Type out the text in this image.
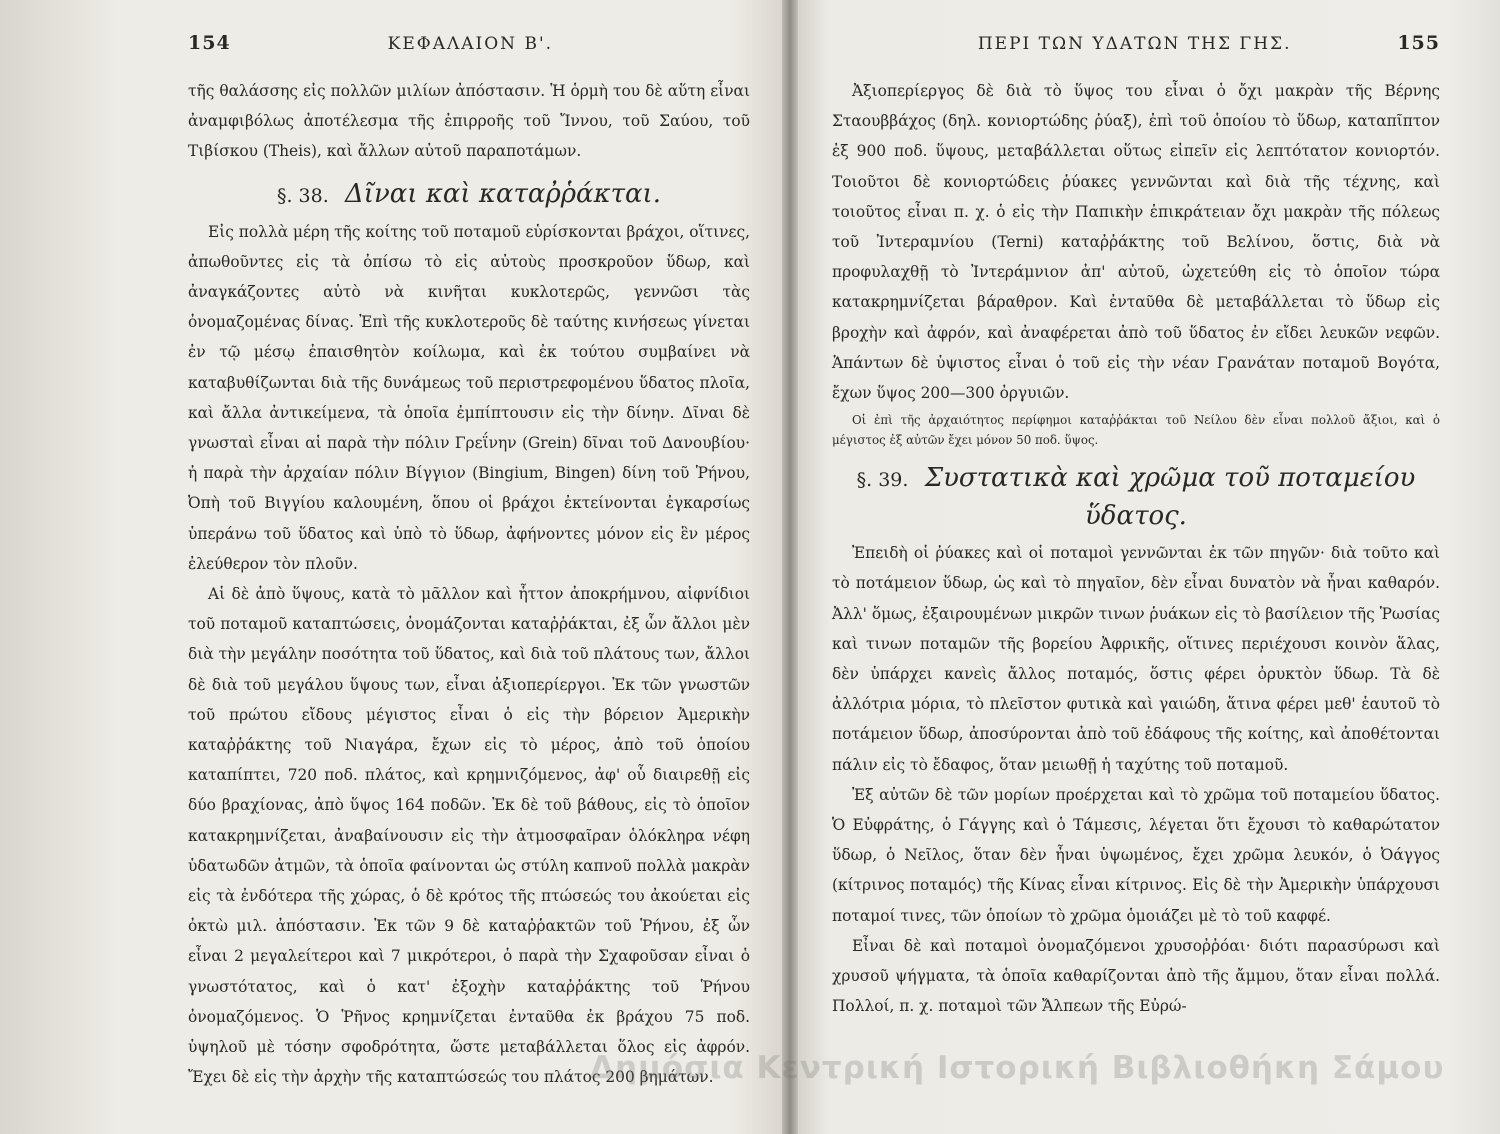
154	ΚΕΦΑΛΑΙΟΝ Β'.

τῆς θαλάσσης εἰς πολλῶν μιλίων ἀπόστασιν. Ἡ ὁρμὴ του δὲ αὕτη εἶναι ἀναμφιβόλως ἀποτέλεσμα τῆς ἐπιρροῆς τοῦ Ἴννου, τοῦ Σαύου, τοῦ Τιβίσκου (Theis), καὶ ἄλλων αὐτοῦ παραποτάμων.

§. 38. Δῖναι καὶ καταῤῥάκται.

Εἰς πολλὰ μέρη τῆς κοίτης τοῦ ποταμοῦ εὑρίσκονται βράχοι, οἵτινες, ἀπωθοῦντες εἰς τὰ ὀπίσω τὸ εἰς αὐτοὺς προσκροῦον ὕδωρ, καὶ ἀναγκάζοντες αὐτὸ νὰ κινῆται κυκλοτερῶς, γεννῶσι τὰς ὀνομαζομένας δίνας. Ἐπὶ τῆς κυκλοτεροῦς δὲ ταύτης κινήσεως γίνεται ἐν τῷ μέσῳ ἐπαισθητὸν κοίλωμα, καὶ ἐκ τούτου συμβαίνει νὰ καταβυθίζωνται διὰ τῆς δυνάμεως τοῦ περιστρεφομένου ὕδατος πλοῖα, καὶ ἄλλα ἀντικείμενα, τὰ ὁποῖα ἐμπίπτουσιν εἰς τὴν δίνην. Δῖναι δὲ γνωσταὶ εἶναι αἱ παρὰ τὴν πόλιν Γρεΐνην (Grein) δῖναι τοῦ Δανουβίου· ἡ παρὰ τὴν ἀρχαίαν πόλιν Βίγγιον (Bingium, Bingen) δίνη τοῦ Ῥήνου, Ὀπὴ τοῦ Βιγγίου καλουμένη, ὅπου οἱ βράχοι ἐκτείνονται ἐγκαρσίως ὑπεράνω τοῦ ὕδατος καὶ ὑπὸ τὸ ὕδωρ, ἀφήνοντες μόνον εἰς ἓν μέρος ἐλεύθερον τὸν πλοῦν.

Αἱ δὲ ἀπὸ ὕψους, κατὰ τὸ μᾶλλον καὶ ἧττον ἀποκρήμνου, αἰφνίδιοι τοῦ ποταμοῦ καταπτώσεις, ὀνομάζονται καταῤῥάκται, ἐξ ὧν ἄλλοι μὲν διὰ τὴν μεγάλην ποσότητα τοῦ ὕδατος, καὶ διὰ τοῦ πλάτους των, ἄλλοι δὲ διὰ τοῦ μεγάλου ὕψους των, εἶναι ἀξιοπερίεργοι. Ἐκ τῶν γνωστῶν τοῦ πρώτου εἴδους μέγιστος εἶναι ὁ εἰς τὴν βόρειον Ἀμερικὴν καταῤῥάκτης τοῦ Νιαγάρα, ἔχων εἰς τὸ μέρος, ἀπὸ τοῦ ὁποίου καταπίπτει, 720 ποδ. πλάτος, καὶ κρημνιζόμενος, ἀφ' οὗ διαιρεθῇ εἰς δύο βραχίονας, ἀπὸ ὕψος 164 ποδῶν. Ἐκ δὲ τοῦ βάθους, εἰς τὸ ὁποῖον κατακρημνίζεται, ἀναβαίνουσιν εἰς τὴν ἀτμοσφαῖραν ὁλόκληρα νέφη ὑδατωδῶν ἀτμῶν, τὰ ὁποῖα φαίνονται ὡς στύλη καπνοῦ πολλὰ μακρὰν εἰς τὰ ἐνδότερα τῆς χώρας, ὁ δὲ κρότος τῆς πτώσεώς του ἀκούεται εἰς ὀκτὼ μιλ. ἀπόστασιν. Ἐκ τῶν 9 δὲ καταῤῥακτῶν τοῦ Ῥήνου, ἐξ ὧν εἶναι 2 μεγαλείτεροι καὶ 7 μικρότεροι, ὁ παρὰ τὴν Σχαφοῦσαν εἶναι ὁ γνωστότατος, καὶ ὁ κατ' ἐξοχὴν καταῤῥάκτης τοῦ Ῥήνου ὀνομαζόμενος. Ὁ Ῥῆνος κρημνίζεται ἐνταῦθα ἐκ βράχου 75 ποδ. ὑψηλοῦ μὲ τόσην σφοδρότητα, ὥστε μεταβάλλεται ὅλος εἰς ἀφρόν. Ἔχει δὲ εἰς τὴν ἀρχὴν τῆς καταπτώσεώς του πλάτος 200 βημάτων.

ΠΕΡΙ ΤΩΝ ΥΔΑΤΩΝ ΤΗΣ ΓΗΣ.	155

Ἀξιοπερίεργος δὲ διὰ τὸ ὕψος του εἶναι ὁ ὄχι μακρὰν τῆς Βέρνης Σταουββάχος (δηλ. κονιορτώδης ῥύαξ), ἐπὶ τοῦ ὁποίου τὸ ὕδωρ, καταπῖπτον ἐξ 900 ποδ. ὕψους, μεταβάλλεται οὕτως εἰπεῖν εἰς λεπτότατον κονιορτόν. Τοιοῦτοι δὲ κονιορτώδεις ῥύακες γεννῶνται καὶ διὰ τῆς τέχνης, καὶ τοιοῦτος εἶναι π. χ. ὁ εἰς τὴν Παπικὴν ἐπικράτειαν ὄχι μακρὰν τῆς πόλεως τοῦ Ἰντεραμνίου (Terni) καταῤῥάκτης τοῦ Βελίνου, ὅστις, διὰ νὰ προφυλαχθῇ τὸ Ἰντεράμνιον ἀπ' αὐτοῦ, ὠχετεύθη εἰς τὸ ὁποῖον τώρα κατακρημνίζεται βάραθρον. Καὶ ἐνταῦθα δὲ μεταβάλλεται τὸ ὕδωρ εἰς βροχὴν καὶ ἀφρόν, καὶ ἀναφέρεται ἀπὸ τοῦ ὕδατος ἐν εἴδει λευκῶν νεφῶν. Ἁπάντων δὲ ὑψιστος εἶναι ὁ τοῦ εἰς τὴν νέαν Γρανάταν ποταμοῦ Βογότα, ἔχων ὕψος 200—300 ὀργυιῶν.

Οἱ ἐπὶ τῆς ἀρχαιότητος περίφημοι καταῤῥάκται τοῦ Νείλου δὲν εἶναι πολλοῦ ἄξιοι, καὶ ὁ μέγιστος ἐξ αὐτῶν ἔχει μόνον 50 ποδ. ὕψος.

§. 39. Συστατικὰ καὶ χρῶμα τοῦ ποταμείου ὕδατος.

Ἐπειδὴ οἱ ῥύακες καὶ οἱ ποταμοὶ γεννῶνται ἐκ τῶν πηγῶν· διὰ τοῦτο καὶ τὸ ποτάμειον ὕδωρ, ὡς καὶ τὸ πηγαῖον, δὲν εἶναι δυνατὸν νὰ ἦναι καθαρόν. Ἀλλ' ὅμως, ἐξαιρουμένων μικρῶν τινων ῥυάκων εἰς τὸ βασίλειον τῆς Ῥωσίας καὶ τινων ποταμῶν τῆς βορείου Ἀφρικῆς, οἵτινες περιέχουσι κοινὸν ἅλας, δὲν ὑπάρχει κανεὶς ἄλλος ποταμός, ὅστις φέρει ὀρυκτὸν ὕδωρ. Τὰ δὲ ἀλλότρια μόρια, τὸ πλεῖστον φυτικὰ καὶ γαιώδη, ἅτινα φέρει μεθ' ἑαυτοῦ τὸ ποτάμειον ὕδωρ, ἀποσύρονται ἀπὸ τοῦ ἐδάφους τῆς κοίτης, καὶ ἀποθέτονται πάλιν εἰς τὸ ἔδαφος, ὅταν μειωθῇ ἡ ταχύτης τοῦ ποταμοῦ.

Ἐξ αὐτῶν δὲ τῶν μορίων προέρχεται καὶ τὸ χρῶμα τοῦ ποταμείου ὕδατος. Ὁ Εὐφράτης, ὁ Γάγγης καὶ ὁ Τάμεσις, λέγεται ὅτι ἔχουσι τὸ καθαρώτατον ὕδωρ, ὁ Νεῖλος, ὅταν δὲν ἦναι ὑψωμένος, ἔχει χρῶμα λευκόν, ὁ Ὀάγγος (κίτρινος ποταμός) τῆς Κίνας εἶναι κίτρινος. Εἰς δὲ τὴν Ἀμερικὴν ὑπάρχουσι ποταμοί τινες, τῶν ὁποίων τὸ χρῶμα ὁμοιάζει μὲ τὸ τοῦ καφφέ.

Εἶναι δὲ καὶ ποταμοὶ ὀνομαζόμενοι χρυσοῤῥόαι· διότι παρασύρωσι καὶ χρυσοῦ ψήγματα, τὰ ὁποῖα καθαρίζονται ἀπὸ τῆς ἄμμου, ὅταν εἶναι πολλά. Πολλοί, π. χ. ποταμοὶ τῶν Ἄλπεων τῆς Εὐρώ-

Δημόσια Κεντρική Ιστορική Βιβλιοθήκη Σάμου
